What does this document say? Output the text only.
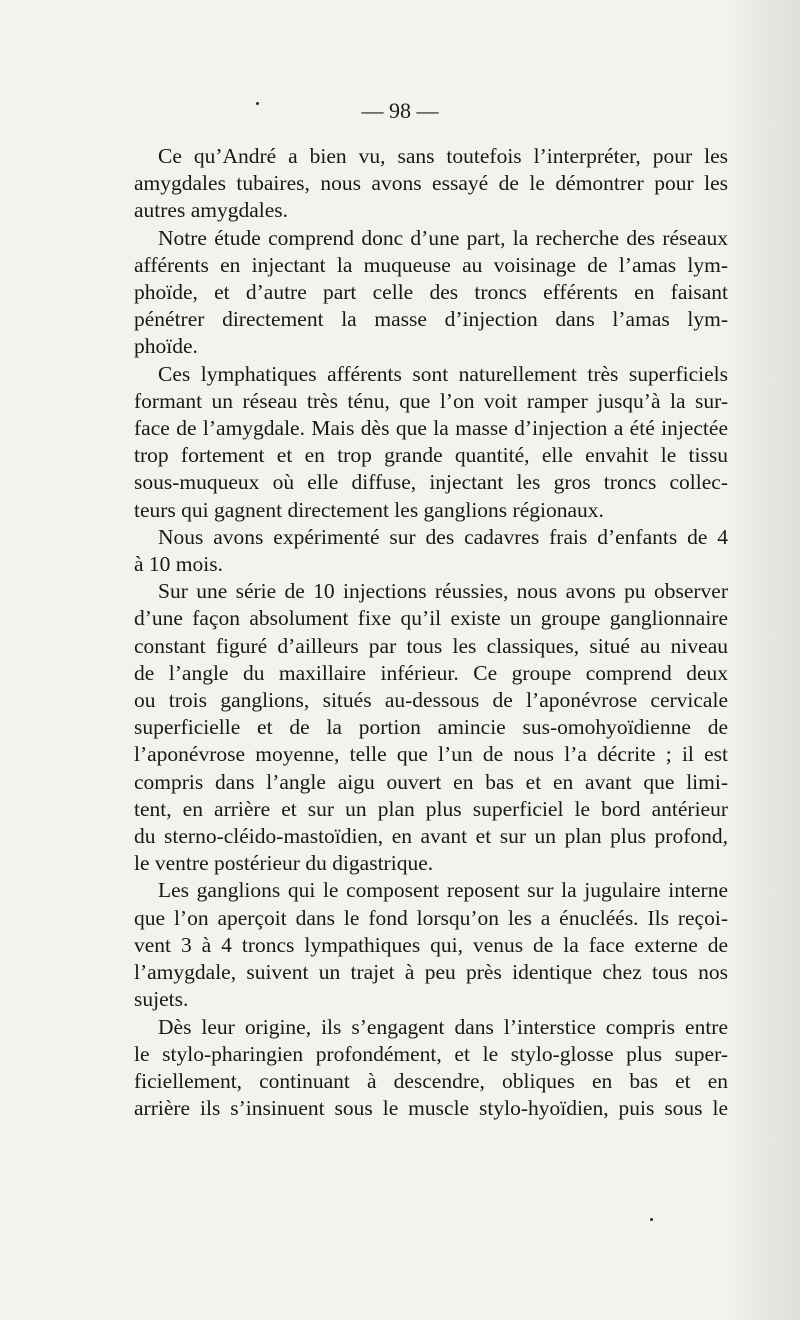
— 98 —
Ce qu’André a bien vu, sans toutefois l’interpréter, pour les
amygdales tubaires, nous avons essayé de le démontrer pour les
autres amygdales.
Notre étude comprend donc d’une part, la recherche des réseaux
afférents en injectant la muqueuse au voisinage de l’amas lym-
phoïde, et d’autre part celle des troncs efférents en faisant
pénétrer directement la masse d’injection dans l’amas lym-
phoïde.
Ces lymphatiques afférents sont naturellement très superficiels
formant un réseau très ténu, que l’on voit ramper jusqu’à la sur-
face de l’amygdale. Mais dès que la masse d’injection a été injectée
trop fortement et en trop grande quantité, elle envahit le tissu
sous-muqueux où elle diffuse, injectant les gros troncs collec-
teurs qui gagnent directement les ganglions régionaux.
Nous avons expérimenté sur des cadavres frais d’enfants de 4
à 10 mois.
Sur une série de 10 injections réussies, nous avons pu observer
d’une façon absolument fixe qu’il existe un groupe ganglionnaire
constant figuré d’ailleurs par tous les classiques, situé au niveau
de l’angle du maxillaire inférieur. Ce groupe comprend deux
ou trois ganglions, situés au-dessous de l’aponévrose cervicale
superficielle et de la portion amincie sus-omohyoïdienne de
l’aponévrose moyenne, telle que l’un de nous l’a décrite ; il est
compris dans l’angle aigu ouvert en bas et en avant que limi-
tent, en arrière et sur un plan plus superficiel le bord antérieur
du sterno-cléido-mastoïdien, en avant et sur un plan plus profond,
le ventre postérieur du digastrique.
Les ganglions qui le composent reposent sur la jugulaire interne
que l’on aperçoit dans le fond lorsqu’on les a énucléés. Ils reçoi-
vent 3 à 4 troncs lympathiques qui, venus de la face externe de
l’amygdale, suivent un trajet à peu près identique chez tous nos
sujets.
Dès leur origine, ils s’engagent dans l’interstice compris entre
le stylo-pharingien profondément, et le stylo-glosse plus super-
ficiellement, continuant à descendre, obliques en bas et en
arrière ils s’insinuent sous le muscle stylo-hyoïdien, puis sous le
